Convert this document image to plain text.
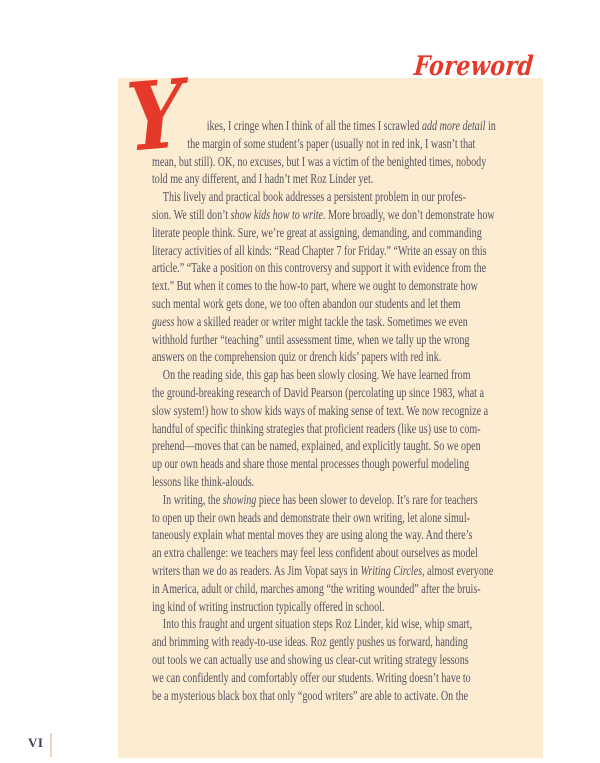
Foreword
Y	ikes, I cringe when I think of all the times I scrawled add more detail in
the margin of some student’s paper (usually not in red ink, I wasn’t that
mean, but still). OK, no excuses, but I was a victim of the benighted times, nobody
told me any different, and I hadn’t met Roz Linder yet.
This lively and practical book addresses a persistent problem in our profes-
sion. We still don’t show kids how to write. More broadly, we don’t demonstrate how
literate people think. Sure, we’re great at assigning, demanding, and commanding
literacy activities of all kinds: “Read Chapter 7 for Friday.” “Write an essay on this
article.” “Take a position on this controversy and support it with evidence from the
text.” But when it comes to the how-to part, where we ought to demonstrate how
such mental work gets done, we too often abandon our students and let them
guess how a skilled reader or writer might tackle the task. Sometimes we even
withhold further “teaching” until assessment time, when we tally up the wrong
answers on the comprehension quiz or drench kids’ papers with red ink.
On the reading side, this gap has been slowly closing. We have learned from
the ground-breaking research of David Pearson (percolating up since 1983, what a
slow system!) how to show kids ways of making sense of text. We now recognize a
handful of specific thinking strategies that proficient readers (like us) use to com-
prehend—moves that can be named, explained, and explicitly taught. So we open
up our own heads and share those mental processes though powerful modeling
lessons like think-alouds.
In writing, the showing piece has been slower to develop. It’s rare for teachers
to open up their own heads and demonstrate their own writing, let alone simul-
taneously explain what mental moves they are using along the way. And there’s
an extra challenge: we teachers may feel less confident about ourselves as model
writers than we do as readers. As Jim Vopat says in Writing Circles, almost everyone
in America, adult or child, marches among “the writing wounded” after the bruis-
ing kind of writing instruction typically offered in school.
Into this fraught and urgent situation steps Roz Linder, kid wise, whip smart,
and brimming with ready-to-use ideas. Roz gently pushes us forward, handing
out tools we can actually use and showing us clear-cut writing strategy lessons
we can confidently and comfortably offer our students. Writing doesn’t have to
be a mysterious black box that only “good writers” are able to activate. On the
VI
